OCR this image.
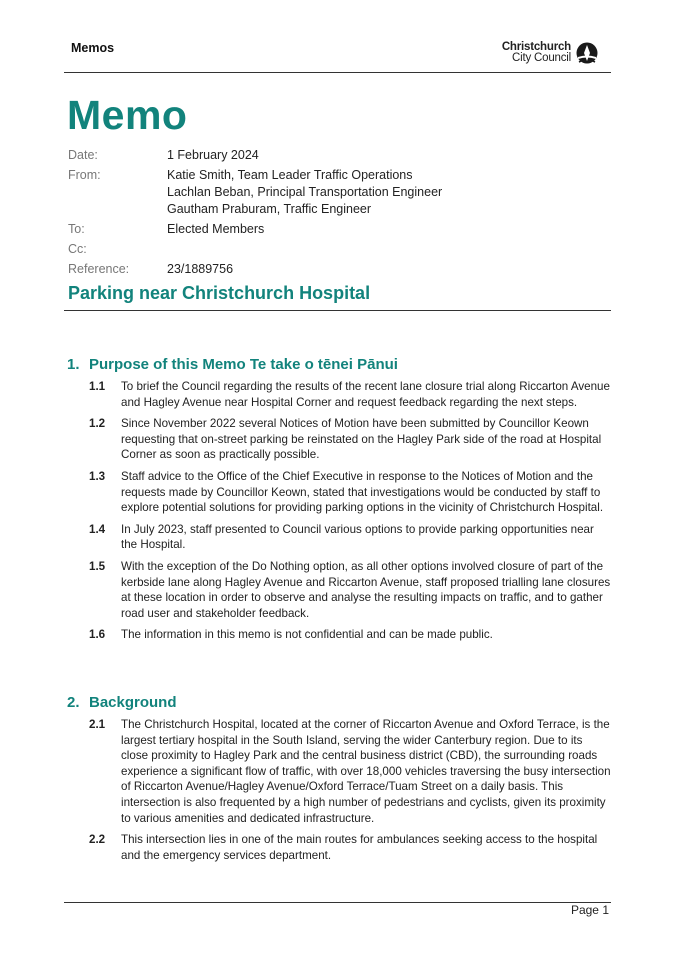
Memos	Christchurch
City Council
Memo
Date:	1 February 2024
From:	Katie Smith, Team Leader Traffic Operations
Lachlan Beban, Principal Transportation Engineer
Gautham Praburam, Traffic Engineer
To:	Elected Members
Cc:
Reference:	23/1889756
Parking near Christchurch Hospital
1. Purpose of this Memo Te take o tēnei Pānui
1.1	To brief the Council regarding the results of the recent lane closure trial along Riccarton Avenue and Hagley Avenue near Hospital Corner and request feedback regarding the next steps.
1.2	Since November 2022 several Notices of Motion have been submitted by Councillor Keown requesting that on-street parking be reinstated on the Hagley Park side of the road at Hospital Corner as soon as practically possible.
1.3	Staff advice to the Office of the Chief Executive in response to the Notices of Motion and the requests made by Councillor Keown, stated that investigations would be conducted by staff to explore potential solutions for providing parking options in the vicinity of Christchurch Hospital.
1.4	In July 2023, staff presented to Council various options to provide parking opportunities near the Hospital.
1.5	With the exception of the Do Nothing option, as all other options involved closure of part of the kerbside lane along Hagley Avenue and Riccarton Avenue, staff proposed trialling lane closures at these location in order to observe and analyse the resulting impacts on traffic, and to gather road user and stakeholder feedback.
1.6	The information in this memo is not confidential and can be made public.
2. Background
2.1	The Christchurch Hospital, located at the corner of Riccarton Avenue and Oxford Terrace, is the largest tertiary hospital in the South Island, serving the wider Canterbury region. Due to its close proximity to Hagley Park and the central business district (CBD), the surrounding roads experience a significant flow of traffic, with over 18,000 vehicles traversing the busy intersection of Riccarton Avenue/Hagley Avenue/Oxford Terrace/Tuam Street on a daily basis. This intersection is also frequented by a high number of pedestrians and cyclists, given its proximity to various amenities and dedicated infrastructure.
2.2	This intersection lies in one of the main routes for ambulances seeking access to the hospital and the emergency services department.
Page 1
